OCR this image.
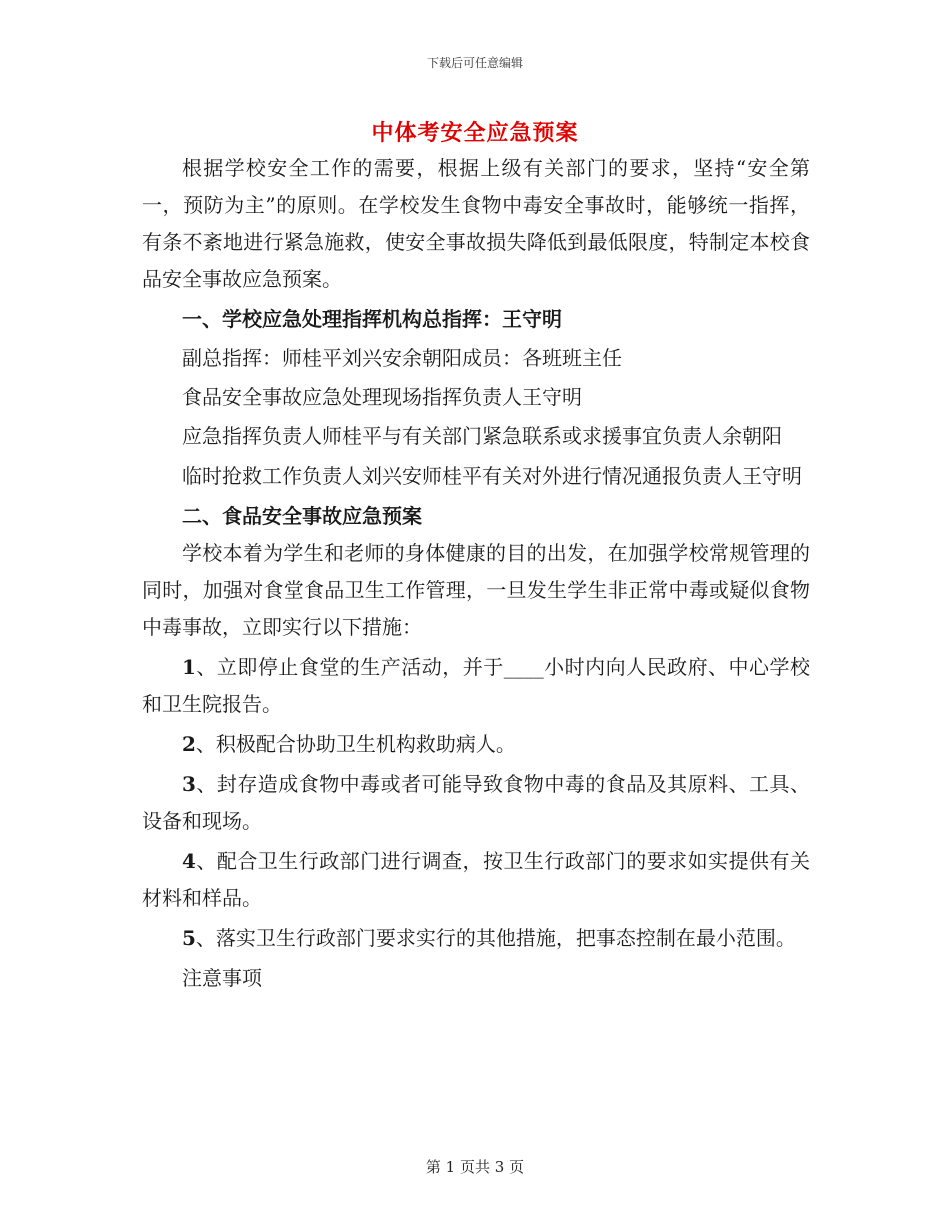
下载后可任意编辑
中体考安全应急预案

根据学校安全工作的需要，根据上级有关部门的要求，坚持“安全第一，预防为主”的原则。在学校发生食物中毒安全事故时，能够统一指挥，有条不紊地进行紧急施救，使安全事故损失降低到最低限度，特制定本校食品安全事故应急预案。

一、学校应急处理指挥机构总指挥：王守明

副总指挥：师桂平刘兴安余朝阳成员：各班班主任

食品安全事故应急处理现场指挥负责人王守明

应急指挥负责人师桂平与有关部门紧急联系或求援事宜负责人余朝阳

临时抢救工作负责人刘兴安师桂平有关对外进行情况通报负责人王守明

二、食品安全事故应急预案

学校本着为学生和老师的身体健康的目的出发，在加强学校常规管理的同时，加强对食堂食品卫生工作管理，一旦发生学生非正常中毒或疑似食物中毒事故，立即实行以下措施：

1、立即停止食堂的生产活动，并于____小时内向人民政府、中心学校和卫生院报告。

2、积极配合协助卫生机构救助病人。

3、封存造成食物中毒或者可能导致食物中毒的食品及其原料、工具、设备和现场。

4、配合卫生行政部门进行调查，按卫生行政部门的要求如实提供有关材料和样品。

5、落实卫生行政部门要求实行的其他措施，把事态控制在最小范围。

注意事项

第 1 页共 3 页
